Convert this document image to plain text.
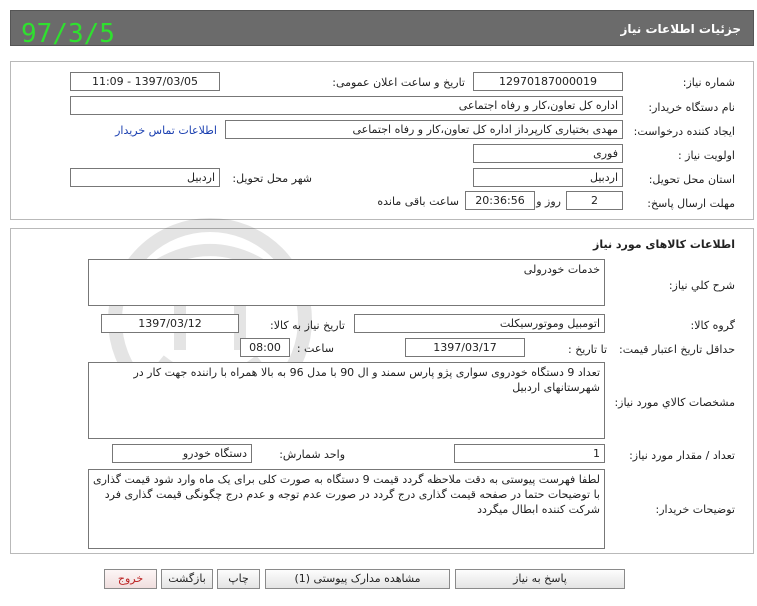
جزئیات اطلاعات نیاز
97/3/5
شماره نیاز:
12970187000019
تاریخ و ساعت اعلان عمومی:
1397/03/05 - 11:09
نام دستگاه خریدار:
اداره کل تعاون،کار و رفاه اجتماعی
ایجاد کننده درخواست:
مهدی بختیاری کارپرداز اداره کل تعاون،کار و رفاه اجتماعی
اطلاعات تماس خریدار
اولویت نیاز :
فوری
استان محل تحویل:
اردبیل
شهر محل تحویل:
اردبیل
مهلت ارسال پاسخ:
2
روز و
20:36:56
ساعت باقی مانده
اطلاعات کالاهای مورد نیاز
شرح کلي نياز:
خدمات خودرولی
گروه کالا:
اتومبیل وموتورسیکلت
تاریخ نیاز به کالا:
1397/03/12
حداقل تاریخ اعتبار قیمت:
تا تاریخ :
1397/03/17
ساعت :
08:00
مشخصات کالاي مورد نياز:
تعداد 9 دستگاه خودروی سواری پژو پارس سمند و ال 90 با مدل 96 به بالا همراه با راننده جهت کار در شهرستانهای اردبیل
تعداد / مقدار مورد نياز:
1
واحد شمارش:
دستگاه خودرو
توضیحات خریدار:
لطفا فهرست پیوستی به دقت ملاحظه گردد قیمت 9 دستگاه به صورت کلی برای یک ماه وارد شود قیمت گذاری با توضیحات حتما در صفحه قیمت گذاری درج گردد در صورت عدم توجه و عدم درج چگونگی قیمت گذاری فرد شرکت کننده ابطال میگردد
پاسخ به نیاز
مشاهده مدارک پیوستی (1)
چاپ
بازگشت
خروج
